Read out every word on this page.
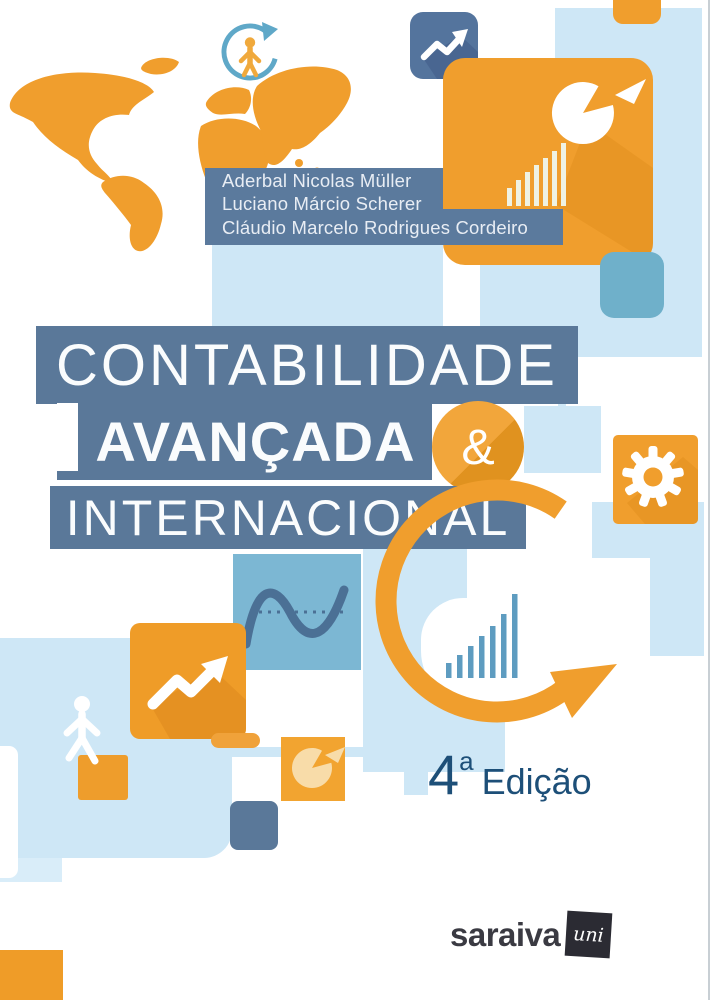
Aderbal Nicolas Müller
Luciano Márcio Scherer
Cláudio Marcelo Rodrigues Cordeiro
CONTABILIDADE
AVANÇADA &
INTERNACIONAL
4a Edição
saraiva uni
